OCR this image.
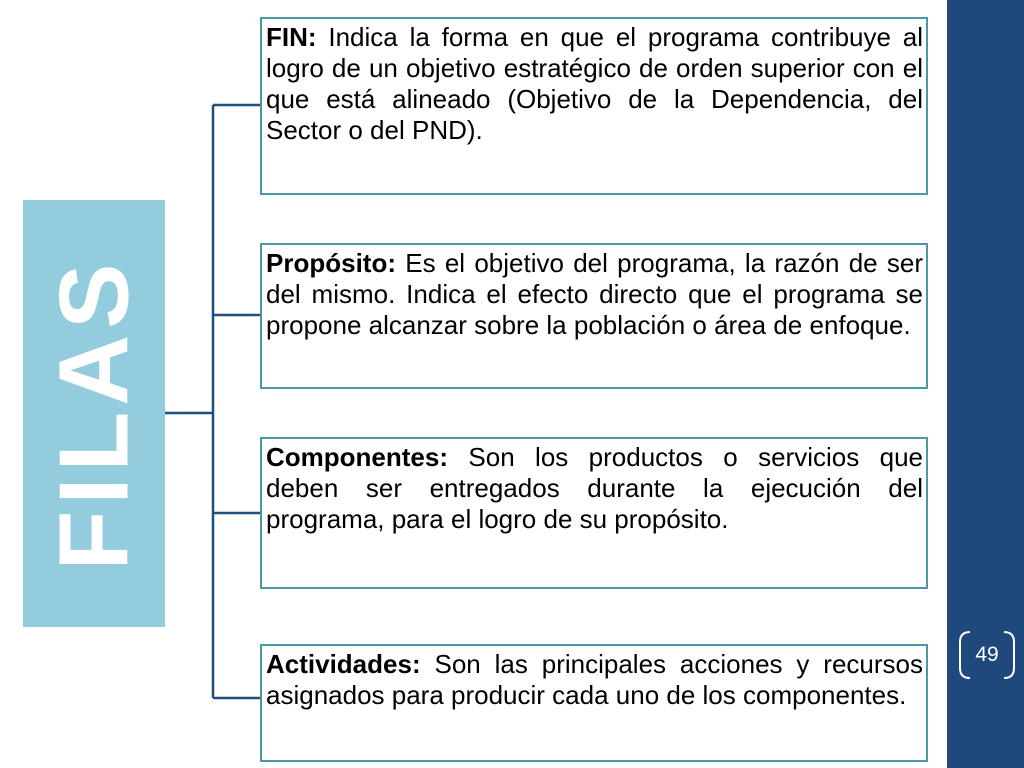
49
FILAS
FIN: Indica la forma en que el programa contribuye al logro de un objetivo estratégico de orden superior con el que está alineado (Objetivo de la Dependencia, del Sector o del PND).
Propósito: Es el objetivo del programa, la razón de ser del mismo. Indica el efecto directo que el programa se propone alcanzar sobre la población o área de enfoque.
Componentes: Son los productos o servicios que deben ser entregados durante la ejecución del programa, para el logro de su propósito.
Actividades: Son las principales acciones y recursos asignados para producir cada uno de los componentes.
